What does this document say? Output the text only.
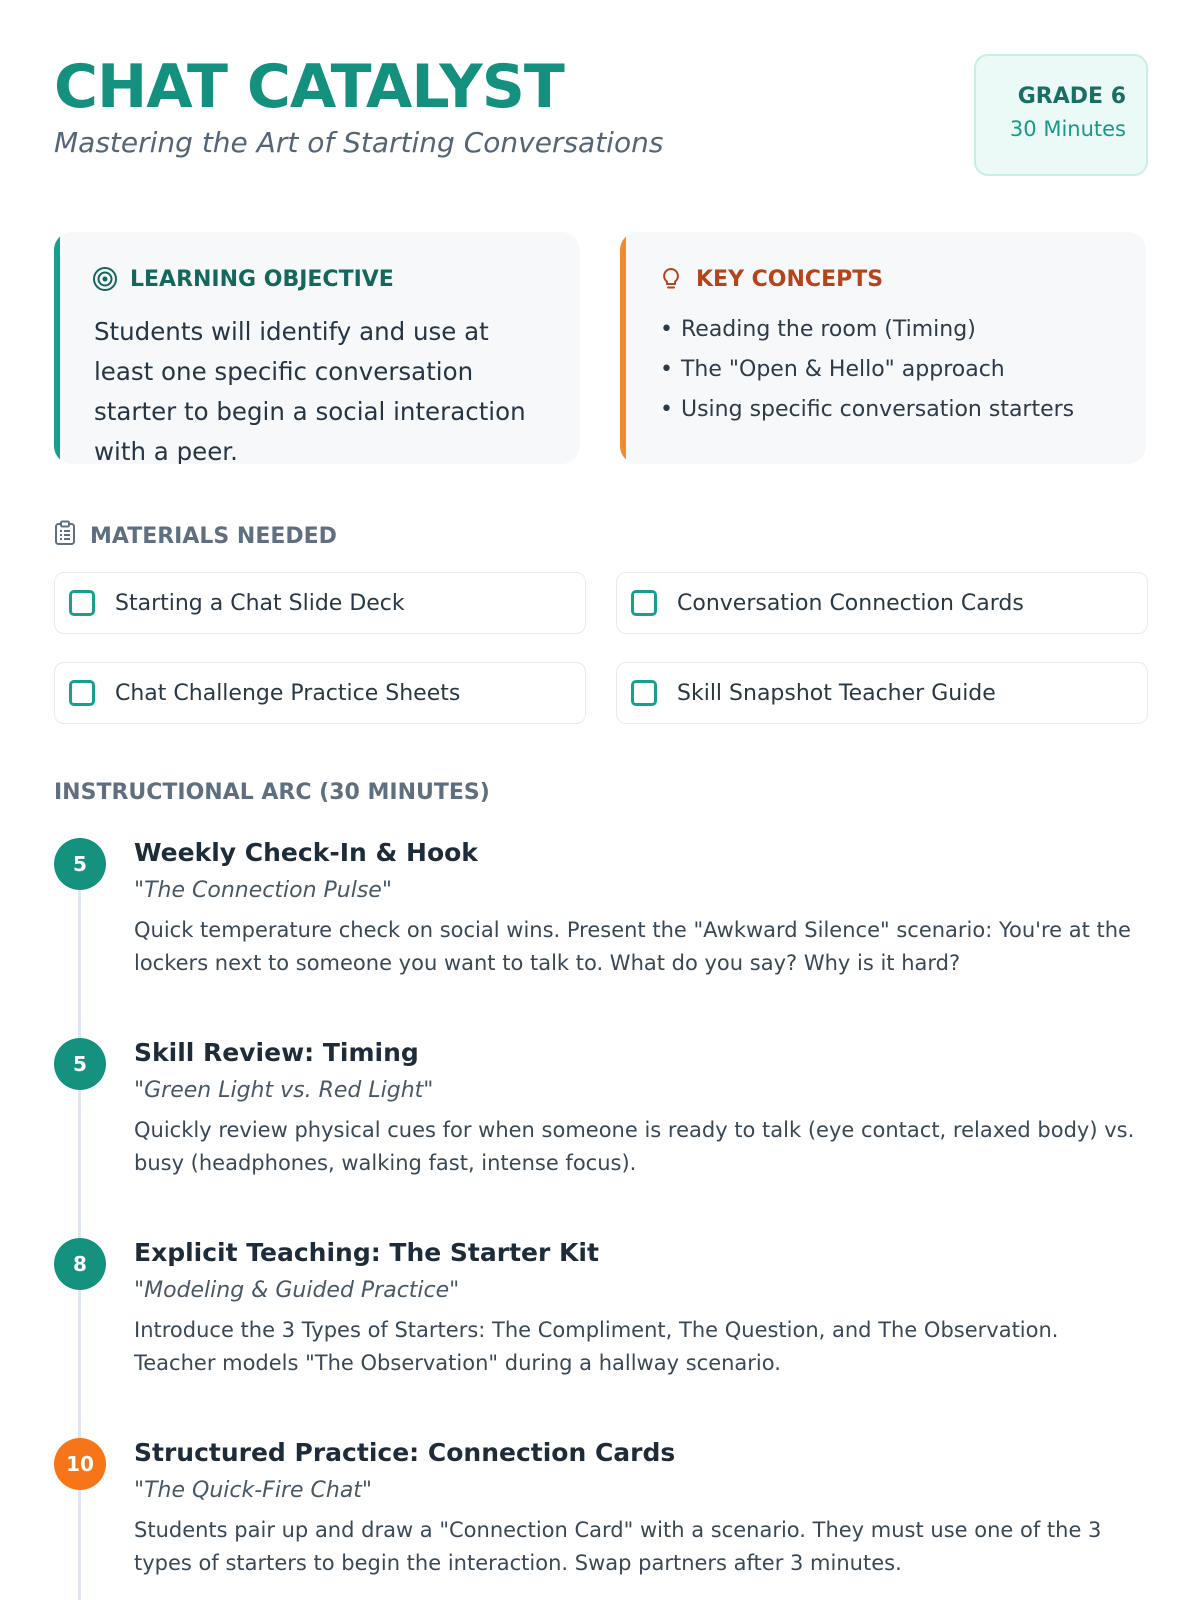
CHAT CATALYST
Mastering the Art of Starting Conversations
GRADE 6
30 Minutes
LEARNING OBJECTIVE

Students will identify and use at least one specific conversation starter to begin a social interaction with a peer.

KEY CONCEPTS
• Reading the room (Timing)
• The "Open & Hello" approach
• Using specific conversation starters
MATERIALS NEEDED
Starting a Chat Slide Deck	Conversation Connection Cards
Chat Challenge Practice Sheets	Skill Snapshot Teacher Guide
INSTRUCTIONAL ARC (30 MINUTES)
5	Weekly Check-In & Hook
"The Connection Pulse"
Quick temperature check on social wins. Present the "Awkward Silence" scenario: You're at the lockers next to someone you want to talk to. What do you say? Why is it hard?
5	Skill Review: Timing
"Green Light vs. Red Light"
Quickly review physical cues for when someone is ready to talk (eye contact, relaxed body) vs. busy (headphones, walking fast, intense focus).
8	Explicit Teaching: The Starter Kit
"Modeling & Guided Practice"
Introduce the 3 Types of Starters: The Compliment, The Question, and The Observation. Teacher models "The Observation" during a hallway scenario.
10	Structured Practice: Connection Cards
"The Quick-Fire Chat"
Students pair up and draw a "Connection Card" with a scenario. They must use one of the 3 types of starters to begin the interaction. Swap partners after 3 minutes.
